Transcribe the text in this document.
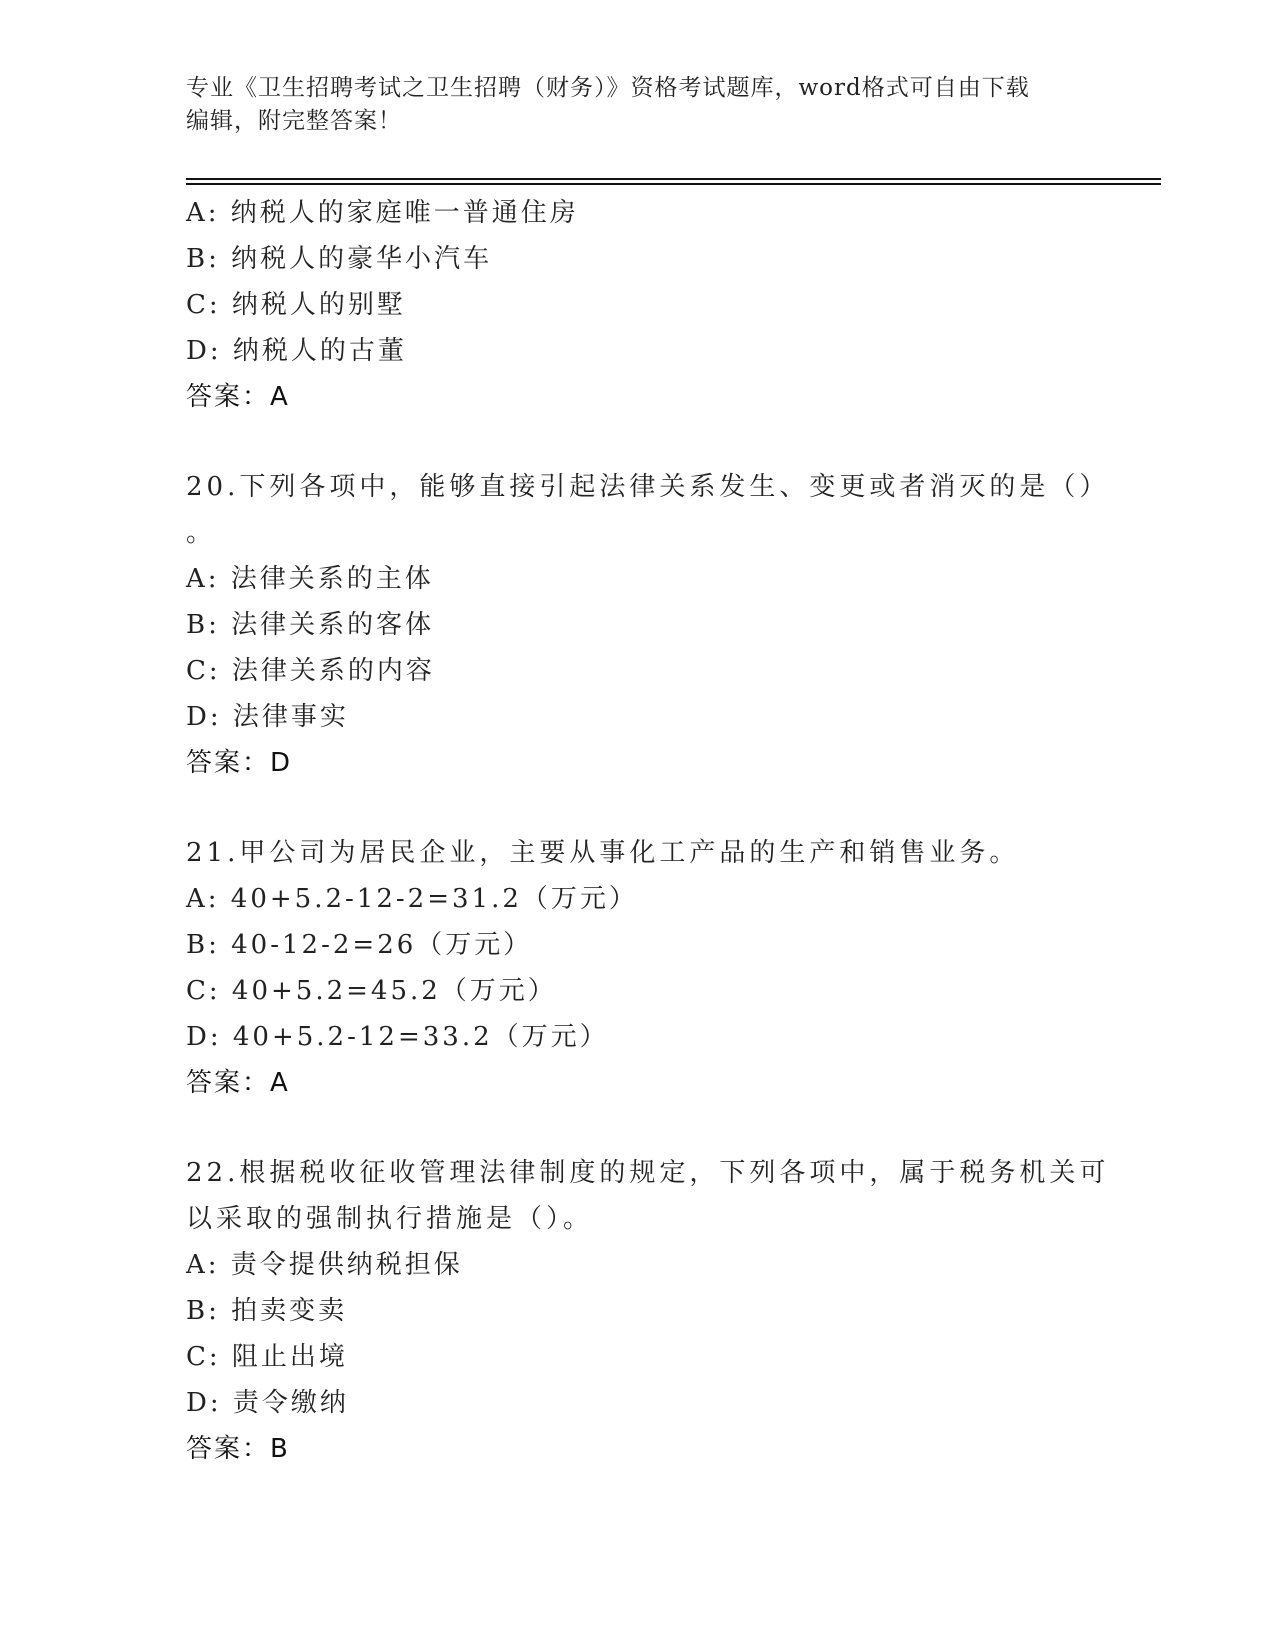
专业《卫生招聘考试之卫生招聘（财务）》资格考试题库，word格式可自由下载
编辑，附完整答案！
A: 纳税人的家庭唯一普通住房
B: 纳税人的豪华小汽车
C: 纳税人的别墅
D: 纳税人的古董
答案：A
20.下列各项中，能够直接引起法律关系发生、变更或者消灭的是（）
。
A: 法律关系的主体
B: 法律关系的客体
C: 法律关系的内容
D: 法律事实
答案：D
21.甲公司为居民企业，主要从事化工产品的生产和销售业务。
A: 40+5.2-12-2=31.2（万元）
B: 40-12-2=26（万元）
C: 40+5.2=45.2（万元）
D: 40+5.2-12=33.2（万元）
答案：A
22.根据税收征收管理法律制度的规定，下列各项中，属于税务机关可
以采取的强制执行措施是（）。
A: 责令提供纳税担保
B: 拍卖变卖
C: 阻止出境
D: 责令缴纳
答案：B
